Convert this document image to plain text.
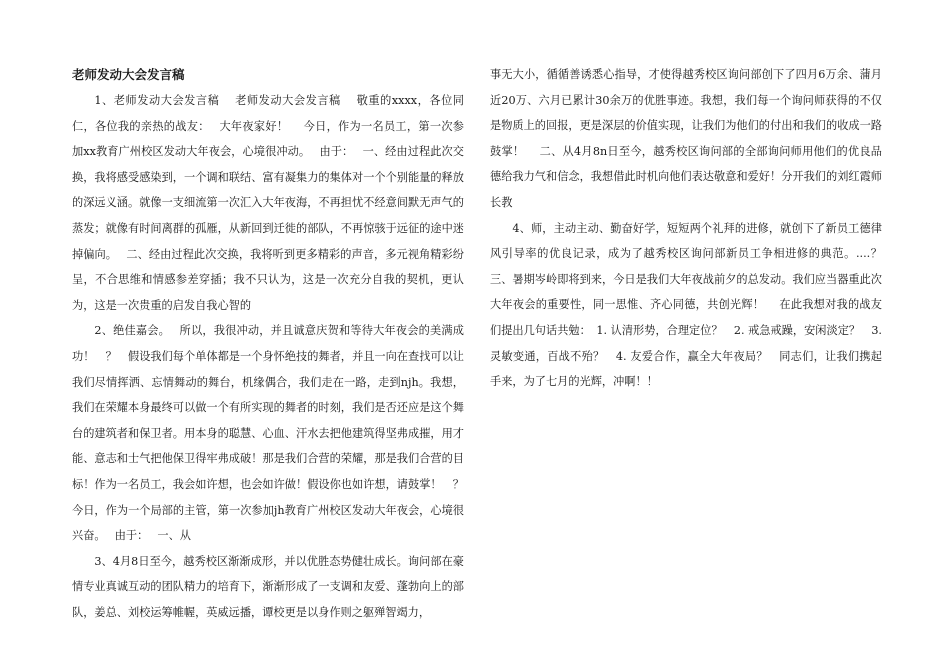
老师发动大会发言稿

1、老师发动大会发言稿　 老师发动大会发言稿　 敬重的xxxx，各位同仁，各位我的亲热的战友：　 大年夜家好！　 今日，作为一名员工，第一次参加xx教育广州校区发动大年夜会，心境很冲动。　 由于：　 一、经由过程此次交换，我将感受感染到，一个调和联结、富有凝集力的集体对一个个别能量的释放的深远义涵。就像一支细流第一次汇入大年夜海，不再担忧不经意间默无声气的蒸发；就像有时间离群的孤雁，从新回到迁徙的部队，不再惊骇于远征的途中迷掉偏向。　 二、经由过程此次交换，我将听到更多精彩的声音，多元视角精彩纷呈，不合思维和情感参差穿插；我不只认为，这是一次充分自我的契机，更认为，这是一次贵重的启发自我心智的

2、绝佳嘉会。　 所以，我很冲动，并且诚意庆贺和等待大年夜会的美满成功！　？　假设我们每个单体都是一个身怀绝技的舞者，并且一向在查找可以让我们尽情挥洒、忘情舞动的舞台，机缘偶合，我们走在一路，走到njh。我想，我们在荣耀本身最终可以做一个有所实现的舞者的时刻，我们是否还应是这个舞台的建筑者和保卫者。用本身的聪慧、心血、汗水去把他建筑得坚弗成摧，用才能、意志和士气把他保卫得牢弗成破！那是我们合营的荣耀，那是我们合营的目标！作为一名员工，我会如许想，也会如许做！假设你也如许想，请鼓掌！　？　今日，作为一个局部的主管，第一次参加jh教育广州校区发动大年夜会，心境很兴奋。　 由于：　 一、从

3、4月8日至今，越秀校区渐渐成形，并以优胜态势健壮成长。询问部在豪情专业真诚互动的团队精力的培育下，渐渐形成了一支调和友爱、蓬勃向上的部队，姜总、刘校运筹帷幄，英威远播，谭校更是以身作则之躯殚智竭力，

事无大小，循循善诱悉心指导，才使得越秀校区询问部创下了四月6万余、蒲月近20万、六月已累计30余万的优胜事迹。我想，我们每一个询问师获得的不仅是物质上的回报，更是深层的价值实现，让我们为他们的付出和我们的收成一路鼓掌！　 二、从4月8n日至今，越秀校区询问部的全部询问师用他们的优良品德给我力气和信念，我想借此时机向他们表达敬意和爱好！分开我们的刘红霞师长教

4、师，主动主动、勤奋好学，短短两个礼拜的进修，就创下了新员工德律风引导率的优良记录，成为了越秀校区询问部新员工争相进修的典范。....？三、暑期岑岭即将到来，今日是我们大年夜战前夕的总发动。我们应当器重此次大年夜会的重要性，同一思惟、齐心同德，共创光辉！　 在此我想对我的战友们提出几句话共勉：　1. 认清形势，合理定位？　2. 戒急戒躁，安闲淡定？　3. 灵敏变通，百战不殆？　4. 友爱合作，赢全大年夜局？　同志们，让我们携起手来，为了七月的光辉，冲啊！！
